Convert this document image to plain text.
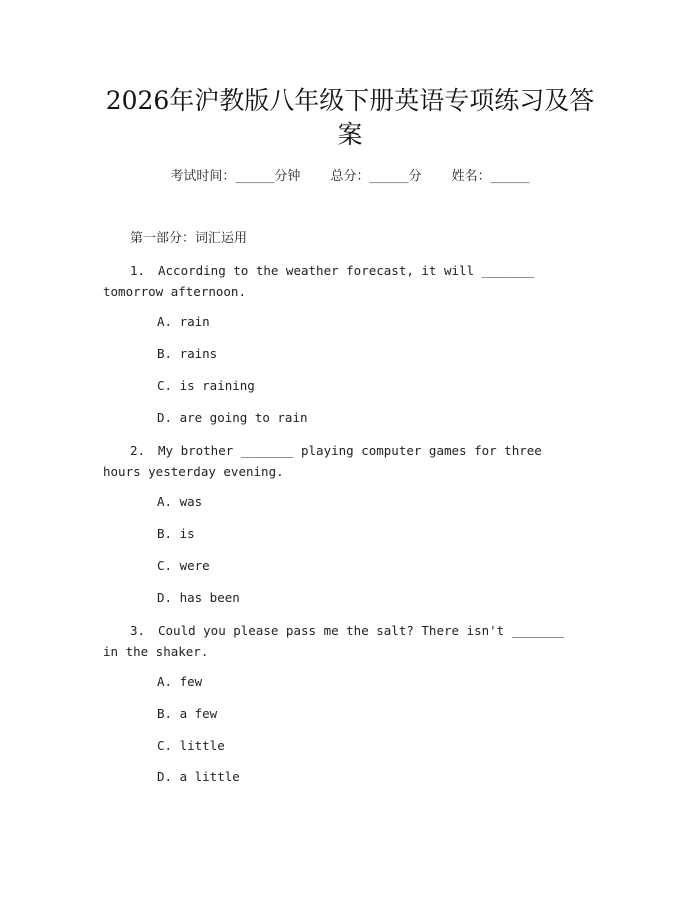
2026年沪教版八年级下册英语专项练习及答案
考试时间：______分钟 总分：______分 姓名：______
第一部分：词汇运用
1. According to the weather forecast, it will _______ tomorrow afternoon.
A. rain
B. rains
C. is raining
D. are going to rain
2. My brother _______ playing computer games for three hours yesterday evening.
A. was
B. is
C. were
D. has been
3. Could you please pass me the salt? There isn't _______ in the shaker.
A. few
B. a few
C. little
D. a little
